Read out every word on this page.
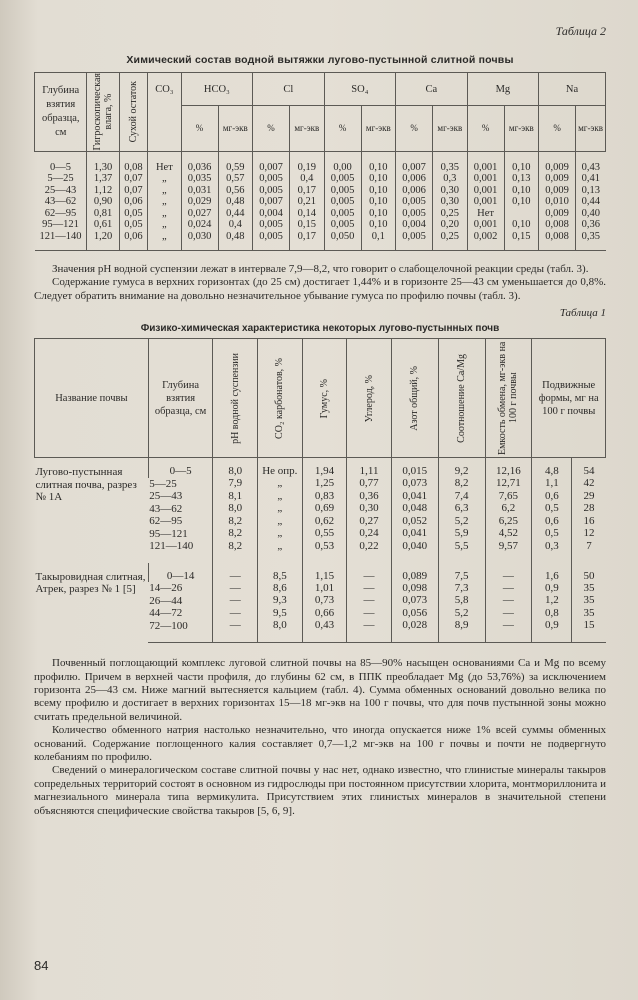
Таблица 2
Химический состав водной вытяжки лугово-пустынной слитной почвы
Глубина взятия образца, см	Гигроскопическая влага, %	Сухой остаток	CO₃	HCO₃		Cl		SO₄		Ca		Mg		Na	
				%	мг-экв	%	мг-экв	%	мг-экв	%	мг-экв	%	мг-экв	%	мг-экв
0—5	1,30	0,08	Нет	0,036	0,59	0,007	0,19	0,00	0,10	0,007	0,35	0,001	0,10	0,009	0,43
5—25	1,37	0,07	„	0,035	0,57	0,005	0,4	0,005	0,10	0,006	0,3	0,001	0,13	0,009	0,41
25—43	1,12	0,07	„	0,031	0,56	0,005	0,17	0,005	0,10	0,006	0,30	0,001	0,10	0,009	0,13
43—62	0,90	0,06	„	0,029	0,48	0,007	0,21	0,005	0,10	0,005	0,30	0,001	0,10	0,010	0,44
62—95	0,81	0,05	„	0,027	0,44	0,004	0,14	0,005	0,10	0,005	0,25	Нет		0,009	0,40
95—121	0,61	0,05	„	0,024	0,4	0,005	0,15	0,005	0,10	0,004	0,20	0,001	0,10	0,008	0,36
121—140	1,20	0,06	„	0,030	0,48	0,005	0,17	0,050	0,1	0,005	0,25	0,002	0,15	0,008	0,35

Значения pH водной суспензии лежат в интервале 7,9—8,2, что говорит о слабощелочной реакции среды (табл. 3).

Содержание гумуса в верхних горизонтах (до 25 см) достигает 1,44% и в горизонте 25—43 см уменьшается до 0,8%. Следует обратить внимание на довольно незначительное убывание гумуса по профилю почвы (табл. 3).

Таблица 1
Физико-химическая характеристика некоторых лугово-пустынных почв
Название почвы	Глубина взятия образца, см	pH водной суспензии	CO₂ карбонатов, %	Гумус, %	Углерод, %	Азот общий, %	Соотношение Ca/Mg	Емкость обмена, мг-экв на 100 г почвы	Подвижные формы, мг на 100 г почвы	
Лугово-пустынная слитная почва, разрез № 1А	0—5	8,0	Не опр.	1,94	1,11	0,015	9,2	12,16	4,8	54
	5—25	7,9	„	1,25	0,77	0,073	8,2	12,71	1,1	42
	25—43	8,1	„	0,83	0,36	0,041	7,4	7,65	0,6	29
	43—62	8,0	„	0,69	0,30	0,048	6,3	6,2	0,5	28
	62—95	8,2	„	0,62	0,27	0,052	5,2	6,25	0,6	16
	95—121	8,2	„	0,55	0,24	0,041	5,9	4,52	0,5	12
	121—140	8,2	„	0,53	0,22	0,040	5,5	9,57	0,3	7
Такыровидная слитная, Атрек, разрез № 1 [5]	0—14	—	8,5	1,15	—	0,089	7,5	—	1,6	50
	14—26	—	8,6	1,01	—	0,098	7,3	—	0,9	35
	26—44	—	9,3	0,73	—	0,073	5,8	—	1,2	35
	44—72	—	9,5	0,66	—	0,056	5,2	—	0,8	35
	72—100	—	8,0	0,43	—	0,028	8,9	—	0,9	15

Почвенный поглощающий комплекс луговой слитной почвы на 85—90% насыщен основаниями Ca и Mg по всему профилю. Причем в верхней части профиля, до глубины 62 см, в ППК преобладает Mg (до 53,76%) за исключением горизонта 25—43 см. Ниже магний вытесняется кальцием (табл. 4). Сумма обменных оснований довольно велика по всему профилю и достигает в верхних горизонтах 15—18 мг-экв на 100 г почвы, что для почв пустынной зоны можно считать предельной величиной.

Количество обменного натрия настолько незначительно, что иногда опускается ниже 1% всей суммы обменных оснований. Содержание поглощенного калия составляет 0,7—1,2 мг-экв на 100 г почвы и почти не подвергнуто колебаниям по профилю.

Сведений о минералогическом составе слитной почвы у нас нет, однако известно, что глинистые минералы такыров сопредельных территорий состоят в основном из гидрослюды при постоянном присутствии хлорита, монтмориллонита и магнезиального минерала типа вермикулита. Присутствием этих глинистых минералов в значительной степени объясняются специфические свойства такыров [5, 6, 9].

84
